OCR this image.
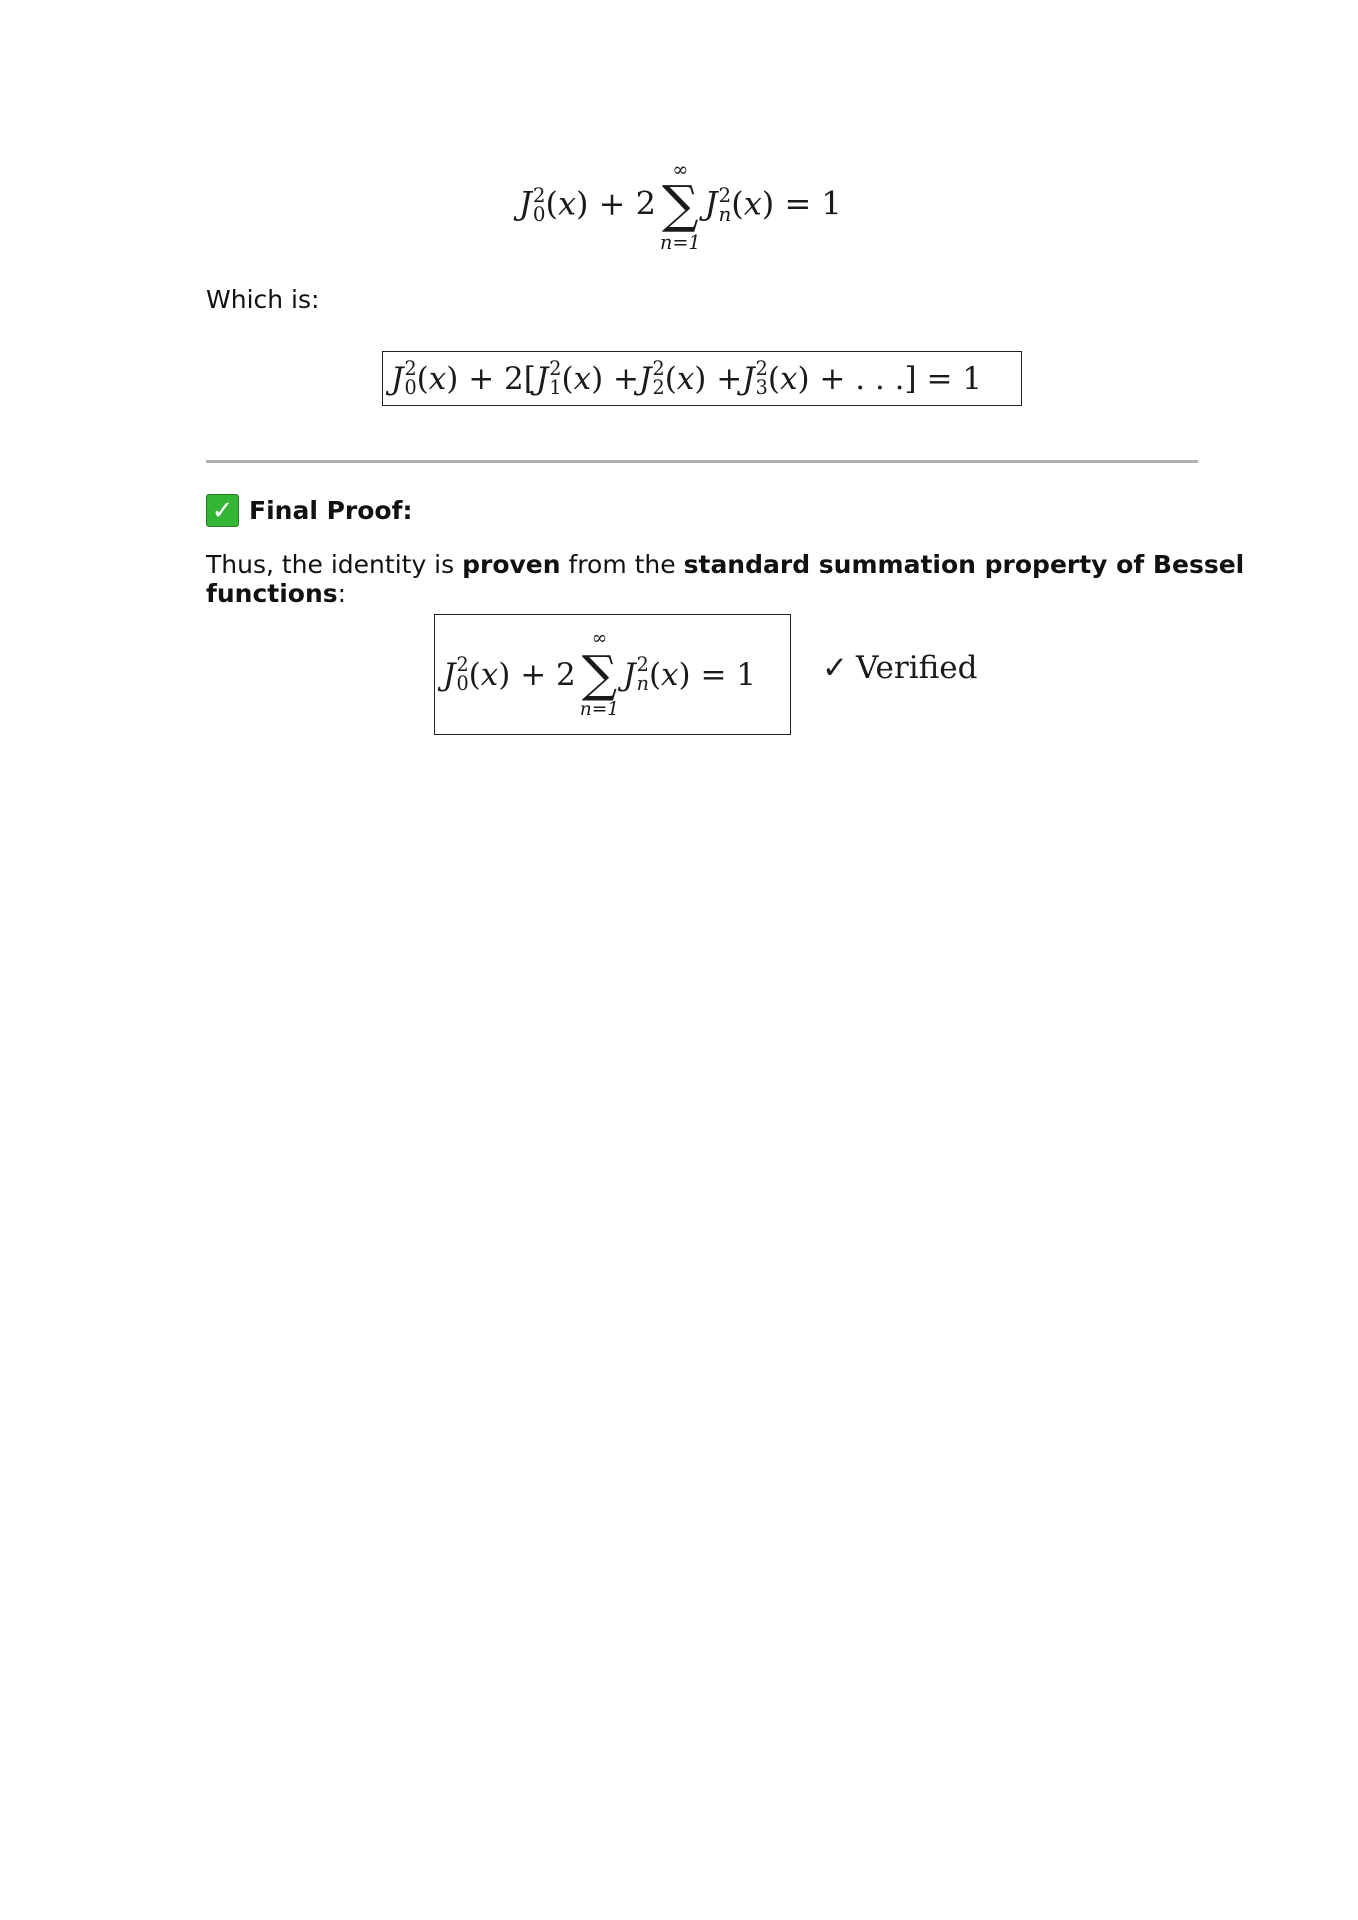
J 2
0 (x) + 2
∞
∑
n=1
J 2
n (x) = 1
Which is:
J 2
0 ( x ) + 2[ J 2
1 ( x ) + J 2
2 ( x ) + J 2
3 ( x ) + . . .] = 1
✓ Final Proof:
Thus, the identity is proven from the standard summation property of Bessel functions:
J 2
0 ( x ) + 2
∞
∑
n=1
J 2
n ( x ) = 1	✓ Verified
